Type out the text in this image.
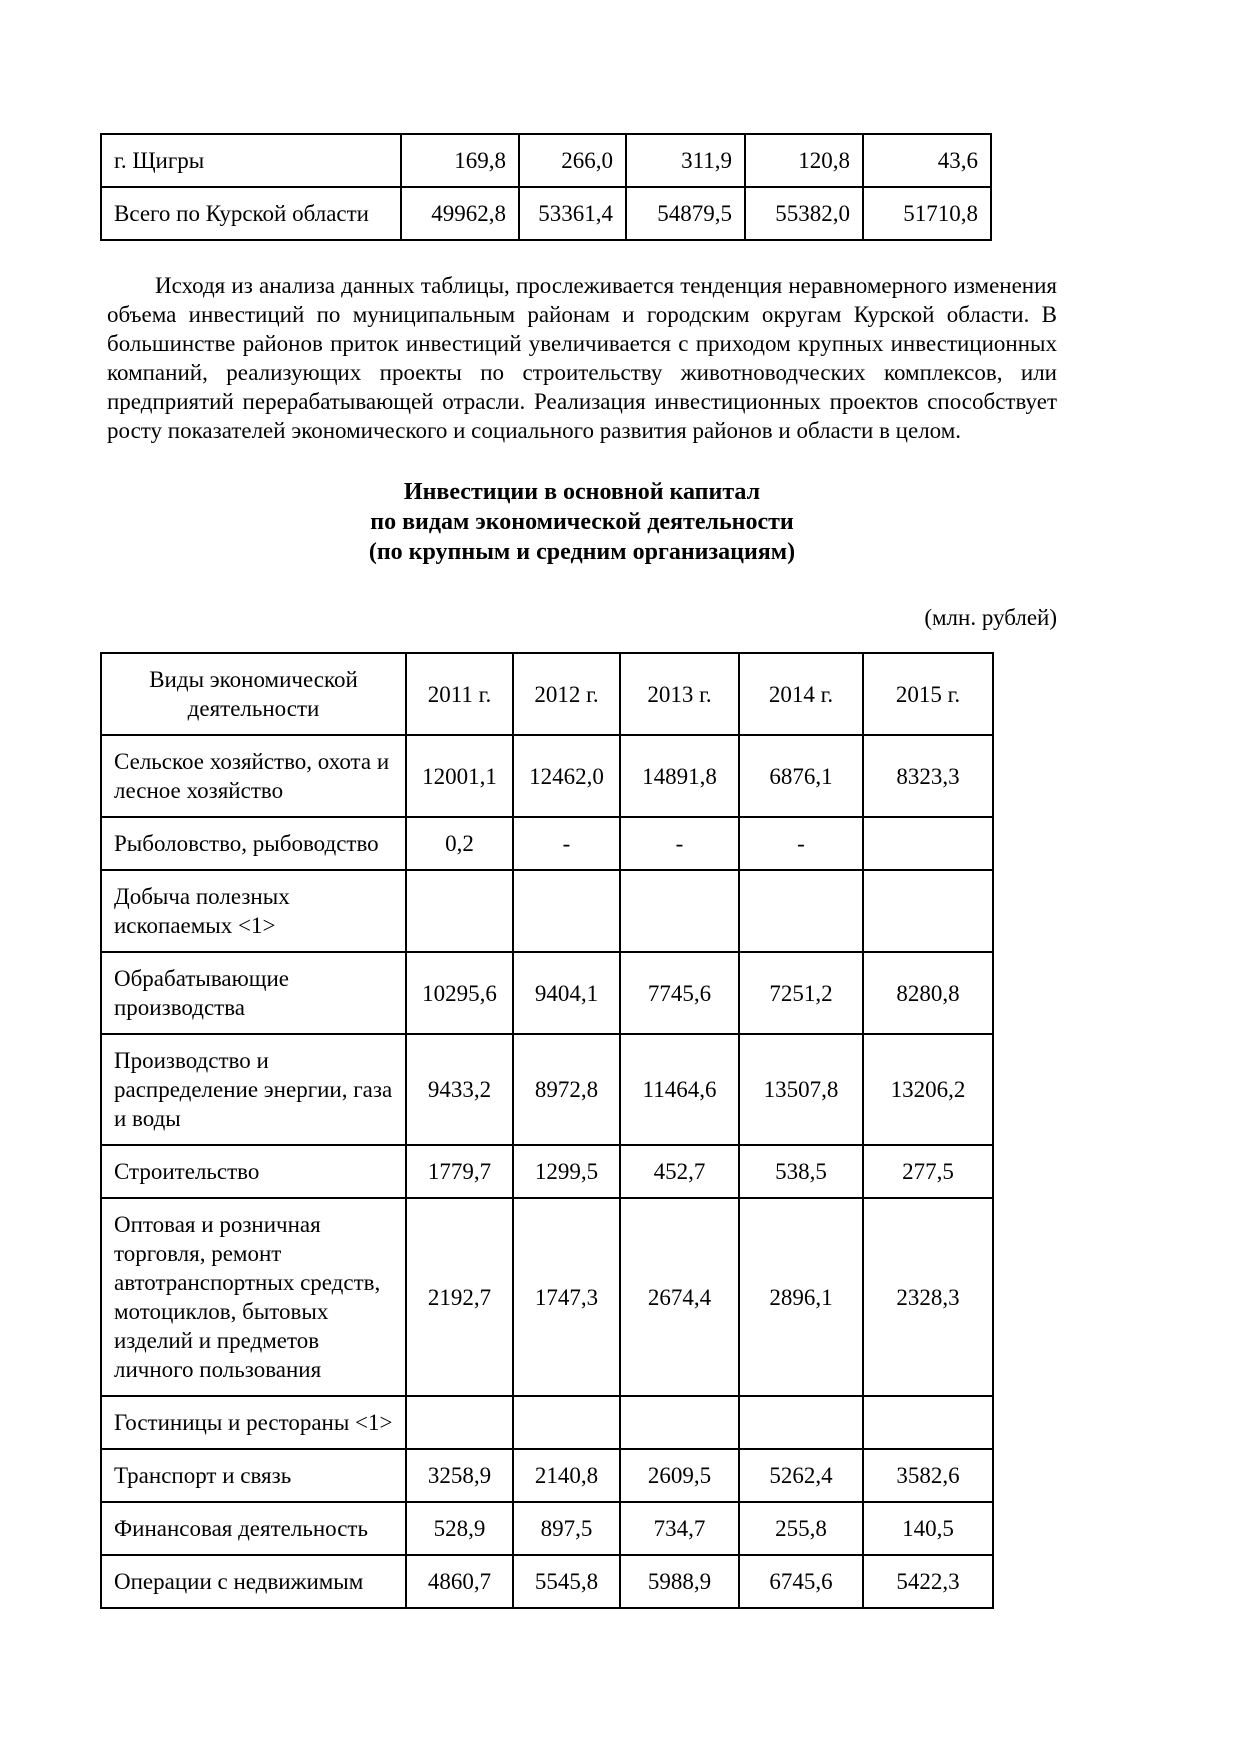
г. Щигры	169,8	266,0	311,9	120,8	43,6
Всего по Курской области	49962,8	53361,4	54879,5	55382,0	51710,8

Исходя из анализа данных таблицы, прослеживается тенденция неравномерного изменения объема инвестиций по муниципальным районам и городским округам Курской области. В большинстве районов приток инвестиций увеличивается с приходом крупных инвестиционных компаний, реализующих проекты по строительству животноводческих комплексов, или предприятий перерабатывающей отрасли. Реализация инвестиционных проектов способствует росту показателей экономического и социального развития районов и области в целом.

Инвестиции в основной капитал
по видам экономической деятельности
(по крупным и средним организациям)
(млн. рублей)
Виды экономической деятельности	2011 г.	2012 г.	2013 г.	2014 г.	2015 г.
Сельское хозяйство, охота и лесное хозяйство	12001,1	12462,0	14891,8	6876,1	8323,3
Рыболовство, рыбоводство	0,2	-	-	-	
Добыча полезных ископаемых <1>					
Обрабатывающие производства	10295,6	9404,1	7745,6	7251,2	8280,8
Производство и распределение энергии, газа и воды	9433,2	8972,8	11464,6	13507,8	13206,2
Строительство	1779,7	1299,5	452,7	538,5	277,5
Оптовая и розничная торговля, ремонт автотранспортных средств, мотоциклов, бытовых изделий и предметов личного пользования	2192,7	1747,3	2674,4	2896,1	2328,3
Гостиницы и рестораны <1>					
Транспорт и связь	3258,9	2140,8	2609,5	5262,4	3582,6
Финансовая деятельность	528,9	897,5	734,7	255,8	140,5
Операции с недвижимым	4860,7	5545,8	5988,9	6745,6	5422,3
